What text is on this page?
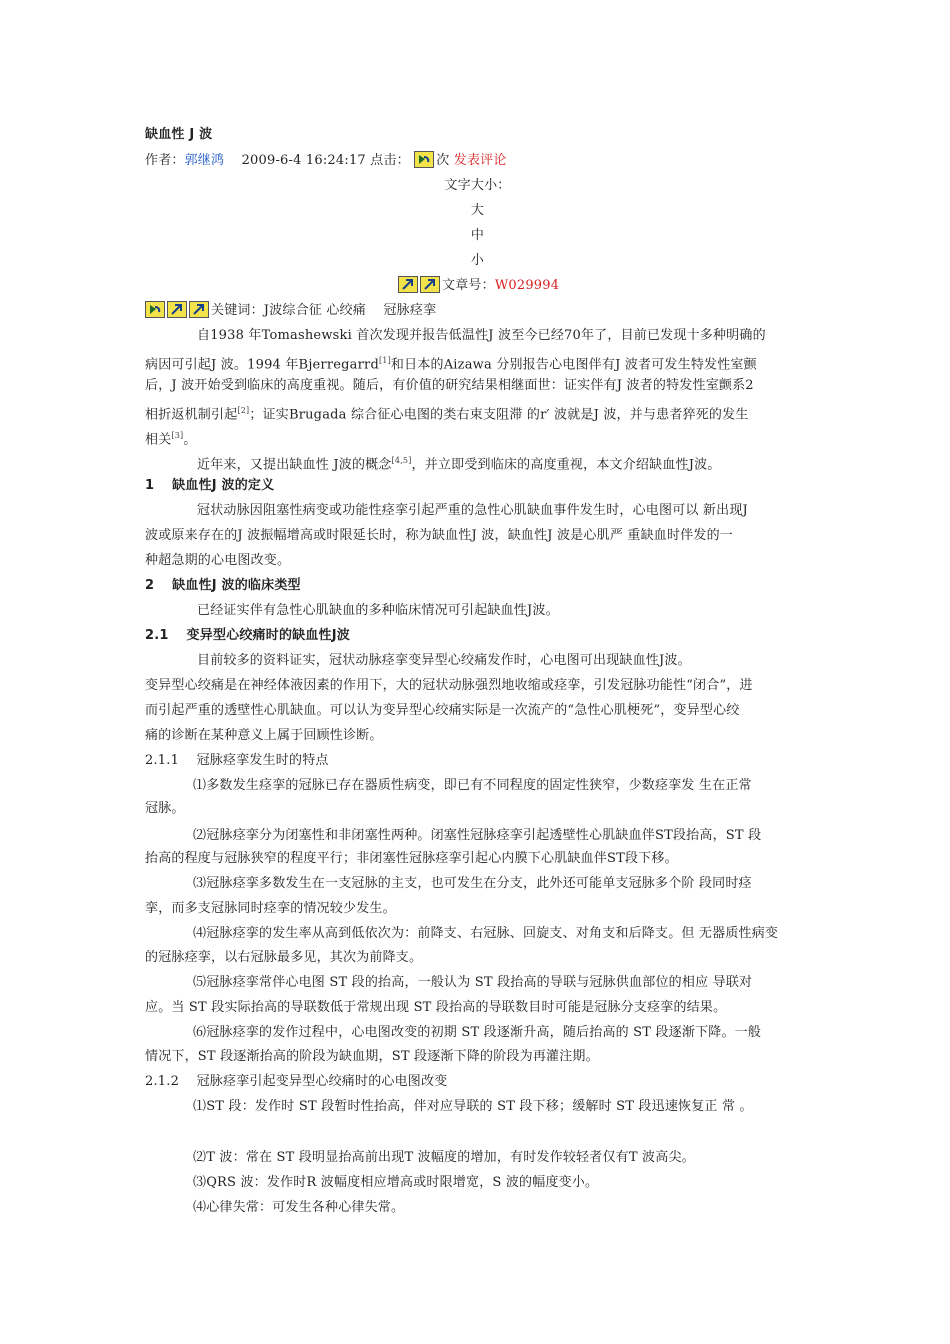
缺血性 J 波
作者：郭继鸿 2009-6-4 16:24:17 点击： 次 发表评论
文字大小：
大
中
小
文章号：W029994
关键词：J波综合征 心绞痛　 冠脉痉挛
自1938 年Tomashewski 首次发现并报告低温性J 波至今已经70年了，目前已发现十多种明确的
病因可引起J 波。1994 年Bjerregarrd[1]和日本的Aizawa 分别报告心电图伴有J 波者可发生特发性室颤
后，J 波开始受到临床的高度重视。随后，有价值的研究结果相继面世：证实伴有J 波者的特发性室颤系2
相折返机制引起[2]；证实Brugada 综合征心电图的类右束支阻滞 的r′ 波就是J 波，并与患者猝死的发生
相关[3]。
近年来，又提出缺血性 J波的概念[4,5]，并立即受到临床的高度重视，本文介绍缺血性J波。
1　 缺血性J 波的定义
冠状动脉因阻塞性病变或功能性痉挛引起严重的急性心肌缺血事件发生时，心电图可以 新出现J
波或原来存在的J 波振幅增高或时限延长时，称为缺血性J 波，缺血性J 波是心肌严 重缺血时伴发的一
种超急期的心电图改变。
2　 缺血性J 波的临床类型
已经证实伴有急性心肌缺血的多种临床情况可引起缺血性J波。
2.1　 变异型心绞痛时的缺血性J波
目前较多的资料证实，冠状动脉痉挛变异型心绞痛发作时，心电图可出现缺血性J波。
变异型心绞痛是在神经体液因素的作用下，大的冠状动脉强烈地收缩或痉挛，引发冠脉功能性“闭合”，进
而引起严重的透壁性心肌缺血。可以认为变异型心绞痛实际是一次流产的“急性心肌梗死”，变异型心绞
痛的诊断在某种意义上属于回顾性诊断。
2.1.1　 冠脉痉挛发生时的特点
⑴多数发生痉挛的冠脉已存在器质性病变，即已有不同程度的固定性狭窄，少数痉挛发 生在正常
冠脉。
⑵冠脉痉挛分为闭塞性和非闭塞性两种。闭塞性冠脉痉挛引起透壁性心肌缺血伴ST段抬高，ST 段
抬高的程度与冠脉狭窄的程度平行；非闭塞性冠脉痉挛引起心内膜下心肌缺血伴ST段下移。
⑶冠脉痉挛多数发生在一支冠脉的主支，也可发生在分支，此外还可能单支冠脉多个阶 段同时痉
挛，而多支冠脉同时痉挛的情况较少发生。
⑷冠脉痉挛的发生率从高到低依次为：前降支、右冠脉、回旋支、对角支和后降支。但 无器质性病变
的冠脉痉挛，以右冠脉最多见，其次为前降支。
⑸冠脉痉挛常伴心电图 ST 段的抬高，一般认为 ST 段抬高的导联与冠脉供血部位的相应 导联对
应。当 ST 段实际抬高的导联数低于常规出现 ST 段抬高的导联数目时可能是冠脉分支痉挛的结果。
⑹冠脉痉挛的发作过程中，心电图改变的初期 ST 段逐渐升高，随后抬高的 ST 段逐渐下降。一般
情况下，ST 段逐渐抬高的阶段为缺血期，ST 段逐渐下降的阶段为再灌注期。
2.1.2　 冠脉痉挛引起变异型心绞痛时的心电图改变
⑴ST 段：发作时 ST 段暂时性抬高，伴对应导联的 ST 段下移；缓解时 ST 段迅速恢复正 常 。
⑵T 波：常在 ST 段明显抬高前出现T 波幅度的增加，有时发作较轻者仅有T 波高尖。
⑶QRS 波：发作时R 波幅度相应增高或时限增宽，S 波的幅度变小。
⑷心律失常：可发生各种心律失常。
